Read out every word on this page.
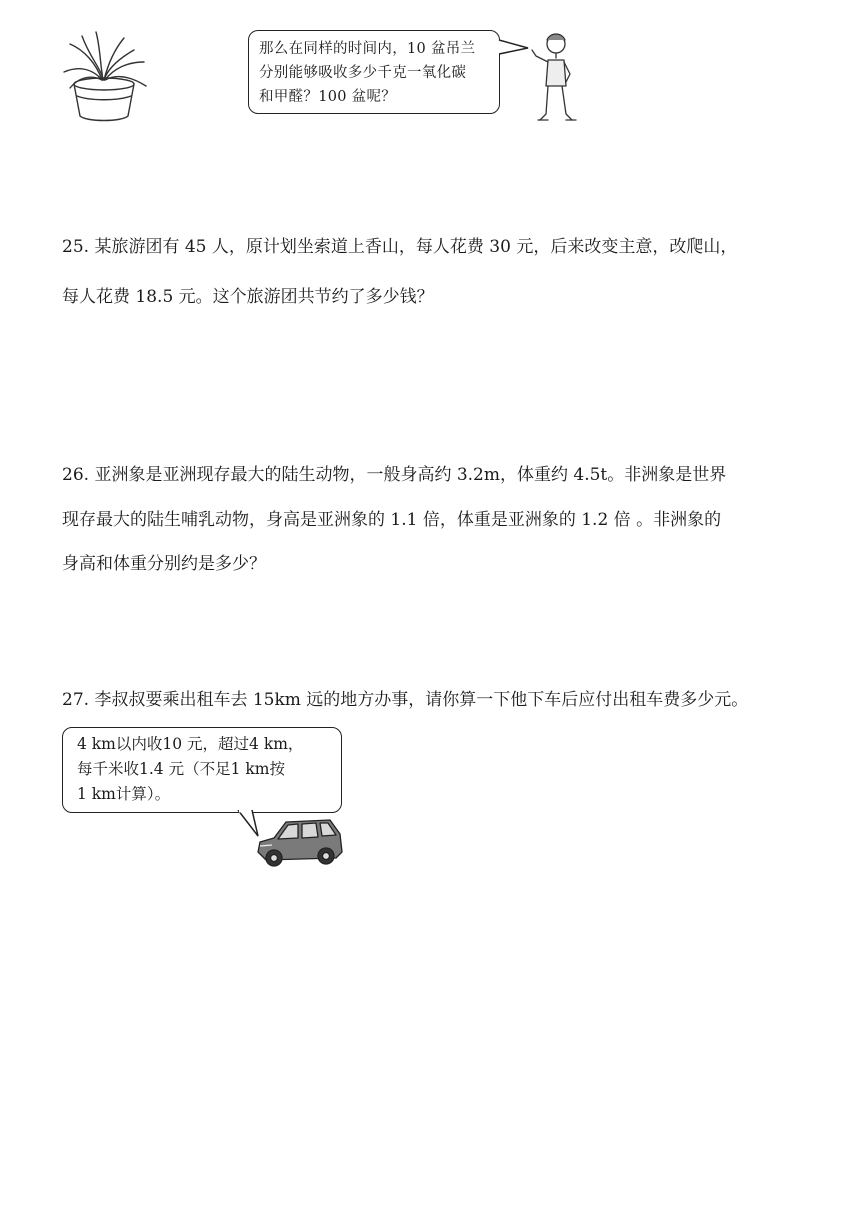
那么在同样的时间内，10 盆吊兰
分别能够吸收多少千克一氧化碳
和甲醛？100 盆呢？
25. 某旅游团有 45 人，原计划坐索道上香山，每人花费 30 元，后来改变主意，改爬山，
每人花费 18.5 元。这个旅游团共节约了多少钱？
26. 亚洲象是亚洲现存最大的陆生动物，一般身高约 3.2m，体重约 4.5t。非洲象是世界
现存最大的陆生哺乳动物，身高是亚洲象的 1.1 倍，体重是亚洲象的 1.2 倍 。非洲象的
身高和体重分别约是多少？
27. 李叔叔要乘出租车去 15km 远的地方办事，请你算一下他下车后应付出租车费多少元。
4 km以内收10 元，超过4 km，
每千米收1.4 元（不足1 km按
1 km计算）。
